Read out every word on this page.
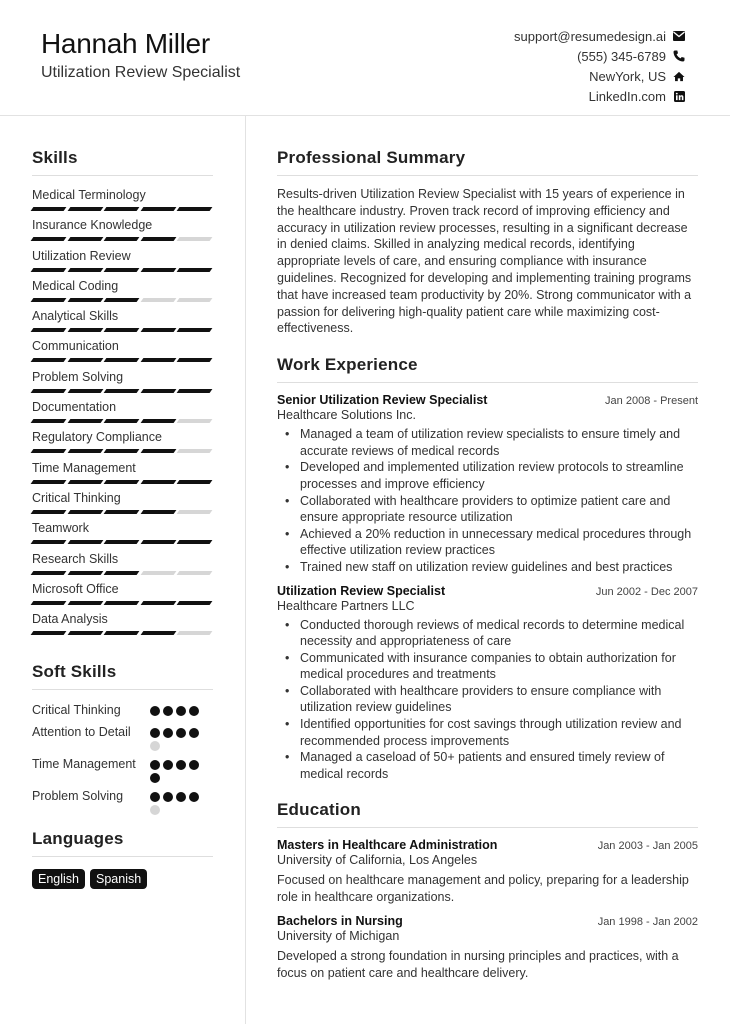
Hannah Miller
Utilization Review Specialist
support@resumedesign.ai
(555) 345-6789
NewYork, US
LinkedIn.com
Skills
Medical Terminology
Insurance Knowledge
Utilization Review
Medical Coding
Analytical Skills
Communication
Problem Solving
Documentation
Regulatory Compliance
Time Management
Critical Thinking
Teamwork
Research Skills
Microsoft Office
Data Analysis
Soft Skills
Critical Thinking
Attention to Detail
Time Management
Problem Solving
Languages
English	Spanish
Professional Summary

Results-driven Utilization Review Specialist with 15 years of experience in the healthcare industry. Proven track record of improving efficiency and accuracy in utilization review processes, resulting in a significant decrease in denied claims. Skilled in analyzing medical records, identifying appropriate levels of care, and ensuring compliance with insurance guidelines. Recognized for developing and implementing training programs that have increased team productivity by 20%. Strong communicator with a passion for delivering high-quality patient care while maximizing cost-effectiveness.

Work Experience
Senior Utilization Review Specialist	Jan 2008 - Present
Healthcare Solutions Inc.
• Managed a team of utilization review specialists to ensure timely and accurate reviews of medical records
• Developed and implemented utilization review protocols to streamline processes and improve efficiency
• Collaborated with healthcare providers to optimize patient care and ensure appropriate resource utilization
• Achieved a 20% reduction in unnecessary medical procedures through effective utilization review practices
• Trained new staff on utilization review guidelines and best practices
Utilization Review Specialist	Jun 2002 - Dec 2007
Healthcare Partners LLC
• Conducted thorough reviews of medical records to determine medical necessity and appropriateness of care
• Communicated with insurance companies to obtain authorization for medical procedures and treatments
• Collaborated with healthcare providers to ensure compliance with utilization review guidelines
• Identified opportunities for cost savings through utilization review and recommended process improvements
• Managed a caseload of 50+ patients and ensured timely review of medical records
Education
Masters in Healthcare Administration	Jan 2003 - Jan 2005
University of California, Los Angeles

Focused on healthcare management and policy, preparing for a leadership role in healthcare organizations.

Bachelors in Nursing	Jan 1998 - Jan 2002
University of Michigan

Developed a strong foundation in nursing principles and practices, with a focus on patient care and healthcare delivery.
